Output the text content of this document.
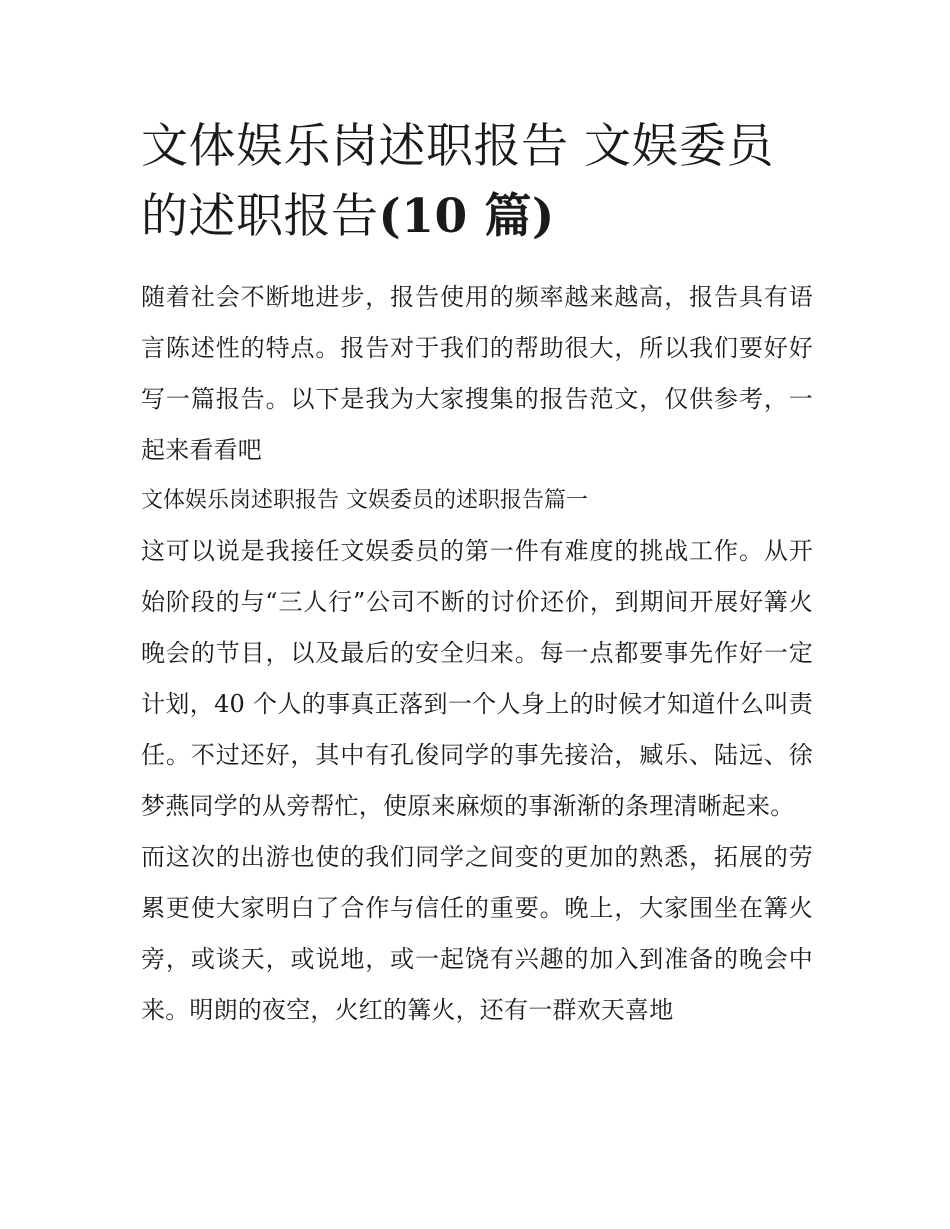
文体娱乐岗述职报告 文娱委员的述职报告(10 篇)

随着社会不断地进步，报告使用的频率越来越高，报告具有语言陈述性的特点。报告对于我们的帮助很大，所以我们要好好写一篇报告。以下是我为大家搜集的报告范文，仅供参考，一起来看看吧

文体娱乐岗述职报告 文娱委员的述职报告篇一

这可以说是我接任文娱委员的第一件有难度的挑战工作。从开始阶段的与“三人行”公司不断的讨价还价，到期间开展好篝火晚会的节目，以及最后的安全归来。每一点都要事先作好一定计划，40 个人的事真正落到一个人身上的时候才知道什么叫责任。不过还好，其中有孔俊同学的事先接洽，臧乐、陆远、徐梦燕同学的从旁帮忙，使原来麻烦的事渐渐的条理清晰起来。

而这次的出游也使的我们同学之间变的更加的熟悉，拓展的劳累更使大家明白了合作与信任的重要。晚上，大家围坐在篝火旁，或谈天，或说地，或一起饶有兴趣的加入到准备的晚会中来。明朗的夜空，火红的篝火，还有一群欢天喜地
